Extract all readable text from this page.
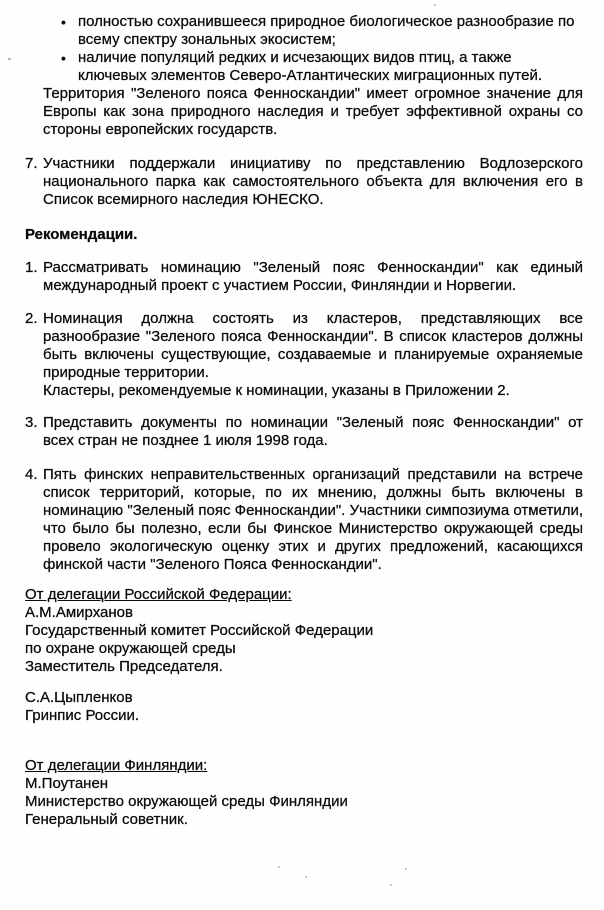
• полностью сохранившееся природное биологическое разнообразие по
всему спектру зональных экосистем;
• наличие популяций редких и исчезающих видов птиц, а также
ключевых элементов Северо-Атлантических миграционных путей.

Территория "Зеленого пояса Фенноскандии" имеет огромное значение для Европы как зона природного наследия и требует эффективной охраны со стороны европейских государств.

7. Участники поддержали инициативу по представлению Водлозерского национального парка как самостоятельного объекта для включения его в Список всемирного наследия ЮНЕСКО.
Рекомендации.
1. Рассматривать номинацию "Зеленый пояс Фенноскандии" как единый международный проект с участием России, Финляндии и Норвегии.
2. Номинация должна состоять из кластеров, представляющих все разнообразие "Зеленого пояса Фенноскандии". В список кластеров должны быть включены существующие, создаваемые и планируемые охраняемые природные территории.
Кластеры, рекомендуемые к номинации, указаны в Приложении 2.
3. Представить документы по номинации "Зеленый пояс Фенноскандии" от всех стран не позднее 1 июля 1998 года.
4. Пять финских неправительственных организаций представили на встрече список территорий, которые, по их мнению, должны быть включены в номинацию "Зеленый пояс Фенноскандии". Участники симпозиума отметили, что было бы полезно, если бы Финское Министерство окружающей среды провело экологическую оценку этих и других предложений, касающихся финской части "Зеленого Пояса Фенноскандии".
От делегации Российской Федерации:
А.М.Амирханов
Государственный комитет Российской Федерации
по охране окружающей среды
Заместитель Председателя.
С.А.Цыпленков
Гринпис России.
От делегации Финляндии:
М.Поутанен
Министерство окружающей среды Финляндии
Генеральный советник.
